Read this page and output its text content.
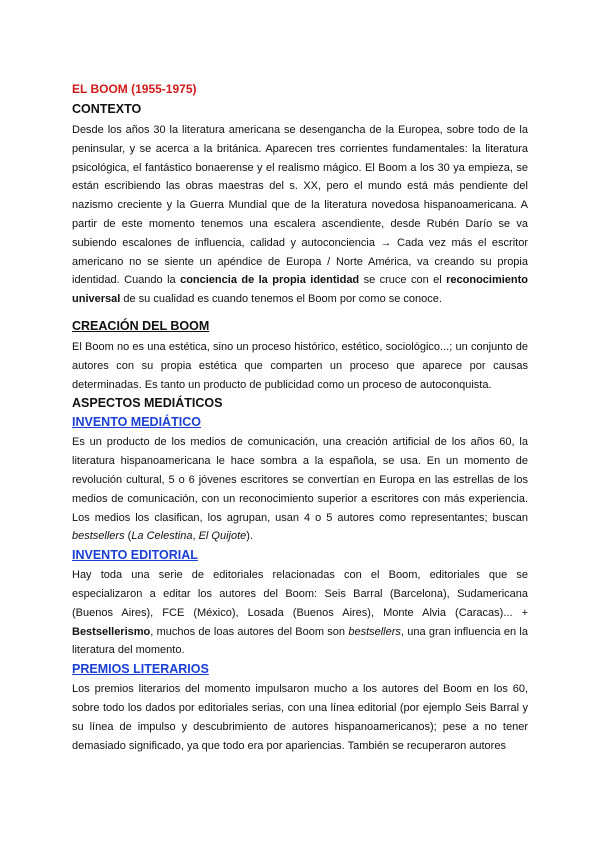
EL BOOM (1955-1975)
CONTEXTO

Desde los años 30 la literatura americana se desengancha de la Europea, sobre todo de la peninsular, y se acerca a la británica. Aparecen tres corrientes fundamentales: la literatura psicológica, el fantástico bonaerense y el realismo mágico. El Boom a los 30 ya empieza, se están escribiendo las obras maestras del s. XX, pero el mundo está más pendiente del nazismo creciente y la Guerra Mundial que de la literatura novedosa hispanoamericana. A partir de este momento tenemos una escalera ascendiente, desde Rubén Darío se va subiendo escalones de influencia, calidad y autoconciencia → Cada vez más el escritor americano no se siente un apéndice de Europa / Norte América, va creando su propia identidad. Cuando la conciencia de la propia identidad se cruce con el reconocimiento universal de su cualidad es cuando tenemos el Boom por como se conoce.

CREACIÓN DEL BOOM

El Boom no es una estética, sino un proceso histórico, estético, sociológico...; un conjunto de autores con su propia estética que comparten un proceso que aparece por causas determinadas. Es tanto un producto de publicidad como un proceso de autoconquista.

ASPECTOS MEDIÁTICOS
INVENTO MEDIÁTICO

Es un producto de los medios de comunicación, una creación artificial de los años 60, la literatura hispanoamericana le hace sombra a la española, se usa. En un momento de revolución cultural, 5 o 6 jóvenes escritores se convertían en Europa en las estrellas de los medios de comunicación, con un reconocimiento superior a escritores con más experiencia. Los medios los clasifican, los agrupan, usan 4 o 5 autores como representantes; buscan bestsellers (La Celestina, El Quijote).

INVENTO EDITORIAL

Hay toda una serie de editoriales relacionadas con el Boom, editoriales que se especializaron a editar los autores del Boom: Seis Barral (Barcelona), Sudamericana (Buenos Aires), FCE (México), Losada (Buenos Aires), Monte Alvia (Caracas)... + Bestsellerismo, muchos de loas autores del Boom son bestsellers, una gran influencia en la literatura del momento.

PREMIOS LITERARIOS

Los premios literarios del momento impulsaron mucho a los autores del Boom en los 60, sobre todo los dados por editoriales serias, con una línea editorial (por ejemplo Seis Barral y su línea de impulso y descubrimiento de autores hispanoamericanos); pese a no tener demasiado significado, ya que todo era por apariencias. También se recuperaron autores
